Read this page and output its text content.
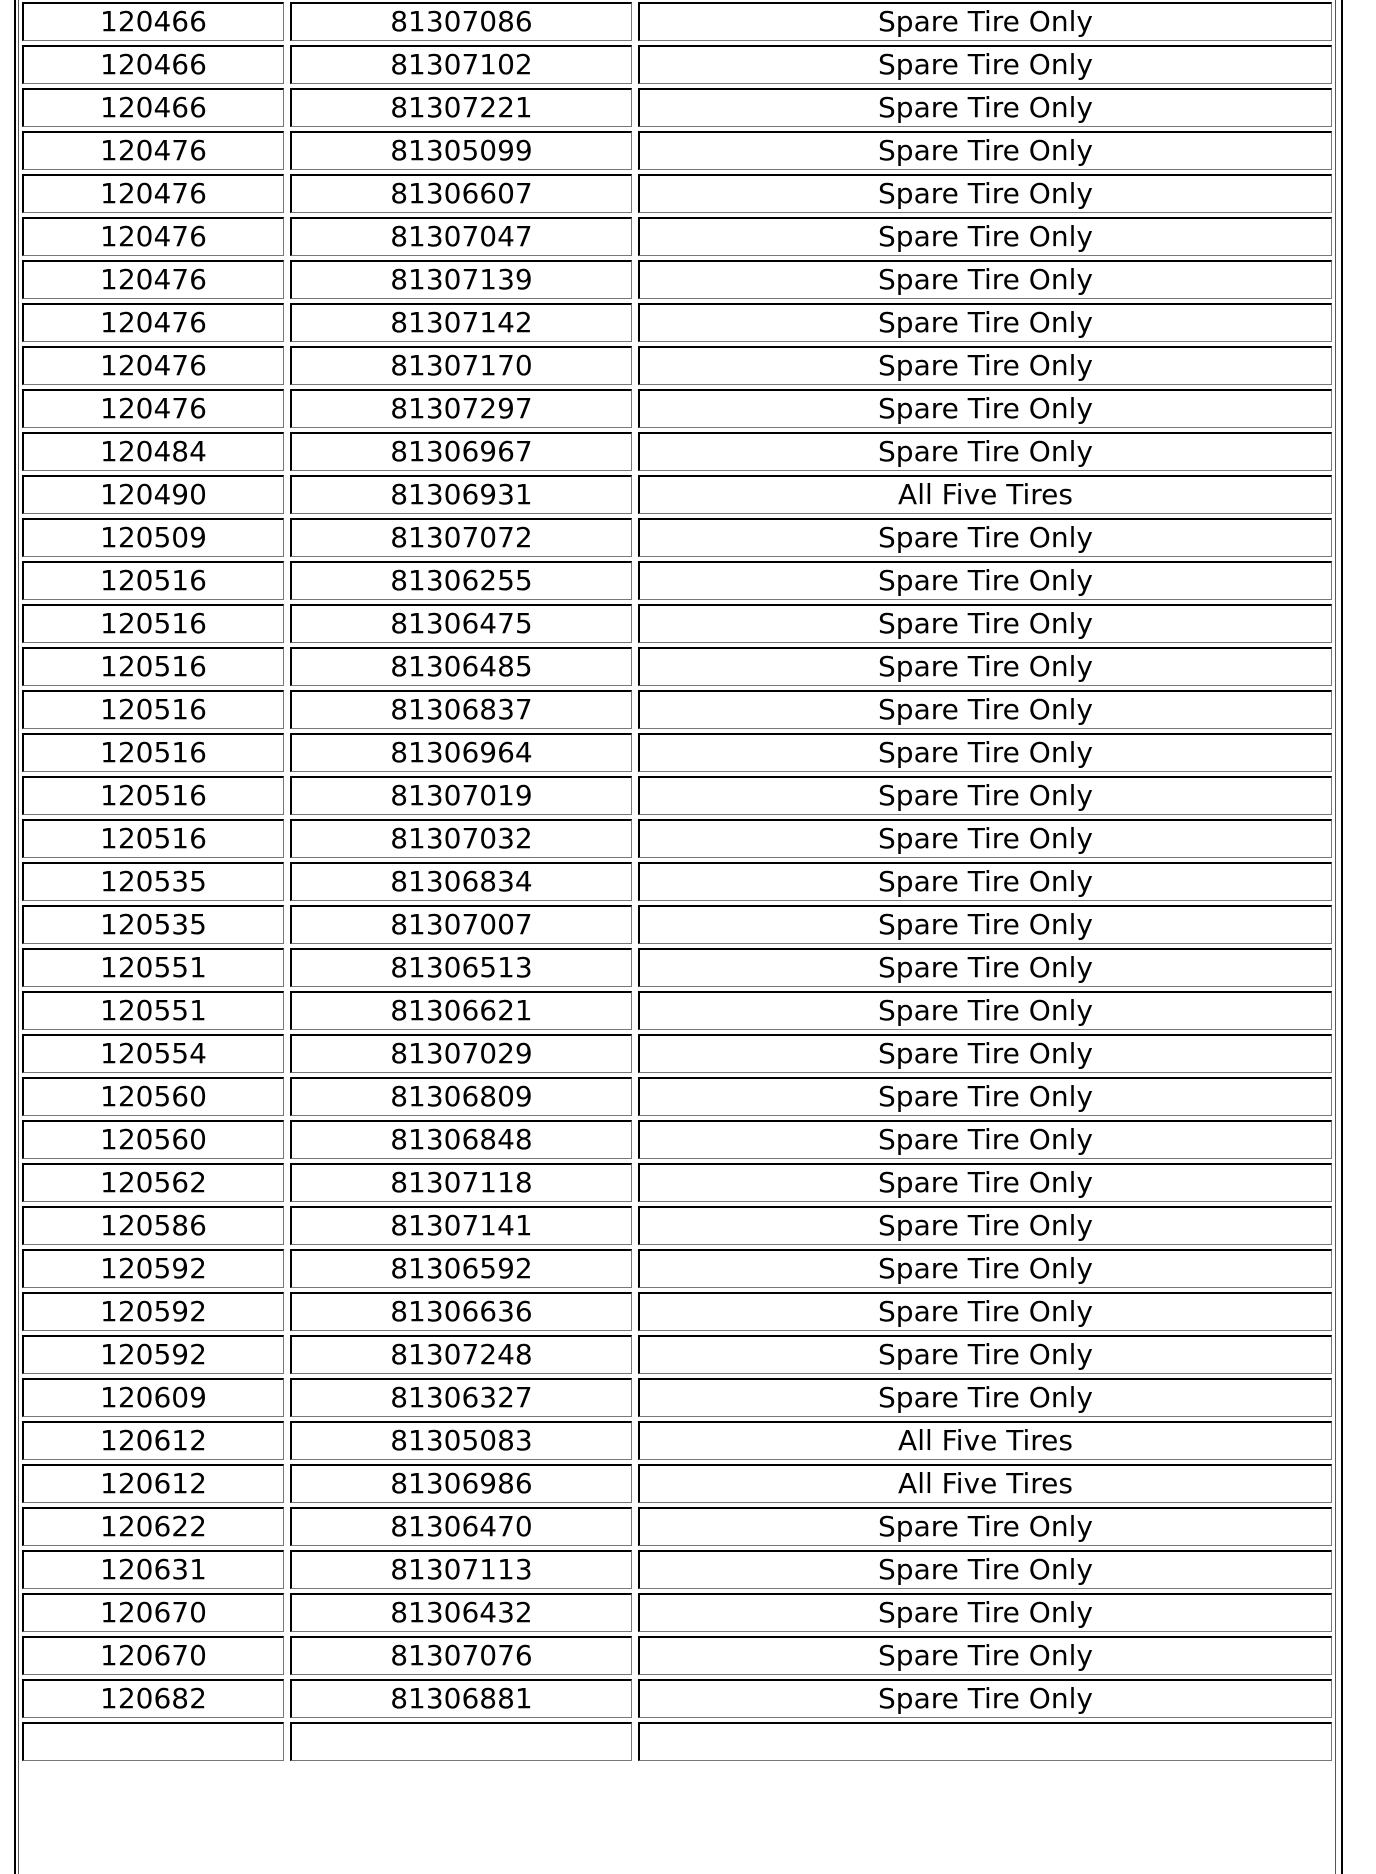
120466	81307086	Spare Tire Only
120466	81307102	Spare Tire Only
120466	81307221	Spare Tire Only
120476	81305099	Spare Tire Only
120476	81306607	Spare Tire Only
120476	81307047	Spare Tire Only
120476	81307139	Spare Tire Only
120476	81307142	Spare Tire Only
120476	81307170	Spare Tire Only
120476	81307297	Spare Tire Only
120484	81306967	Spare Tire Only
120490	81306931	All Five Tires
120509	81307072	Spare Tire Only
120516	81306255	Spare Tire Only
120516	81306475	Spare Tire Only
120516	81306485	Spare Tire Only
120516	81306837	Spare Tire Only
120516	81306964	Spare Tire Only
120516	81307019	Spare Tire Only
120516	81307032	Spare Tire Only
120535	81306834	Spare Tire Only
120535	81307007	Spare Tire Only
120551	81306513	Spare Tire Only
120551	81306621	Spare Tire Only
120554	81307029	Spare Tire Only
120560	81306809	Spare Tire Only
120560	81306848	Spare Tire Only
120562	81307118	Spare Tire Only
120586	81307141	Spare Tire Only
120592	81306592	Spare Tire Only
120592	81306636	Spare Tire Only
120592	81307248	Spare Tire Only
120609	81306327	Spare Tire Only
120612	81305083	All Five Tires
120612	81306986	All Five Tires
120622	81306470	Spare Tire Only
120631	81307113	Spare Tire Only
120670	81306432	Spare Tire Only
120670	81307076	Spare Tire Only
120682	81306881	Spare Tire Only
